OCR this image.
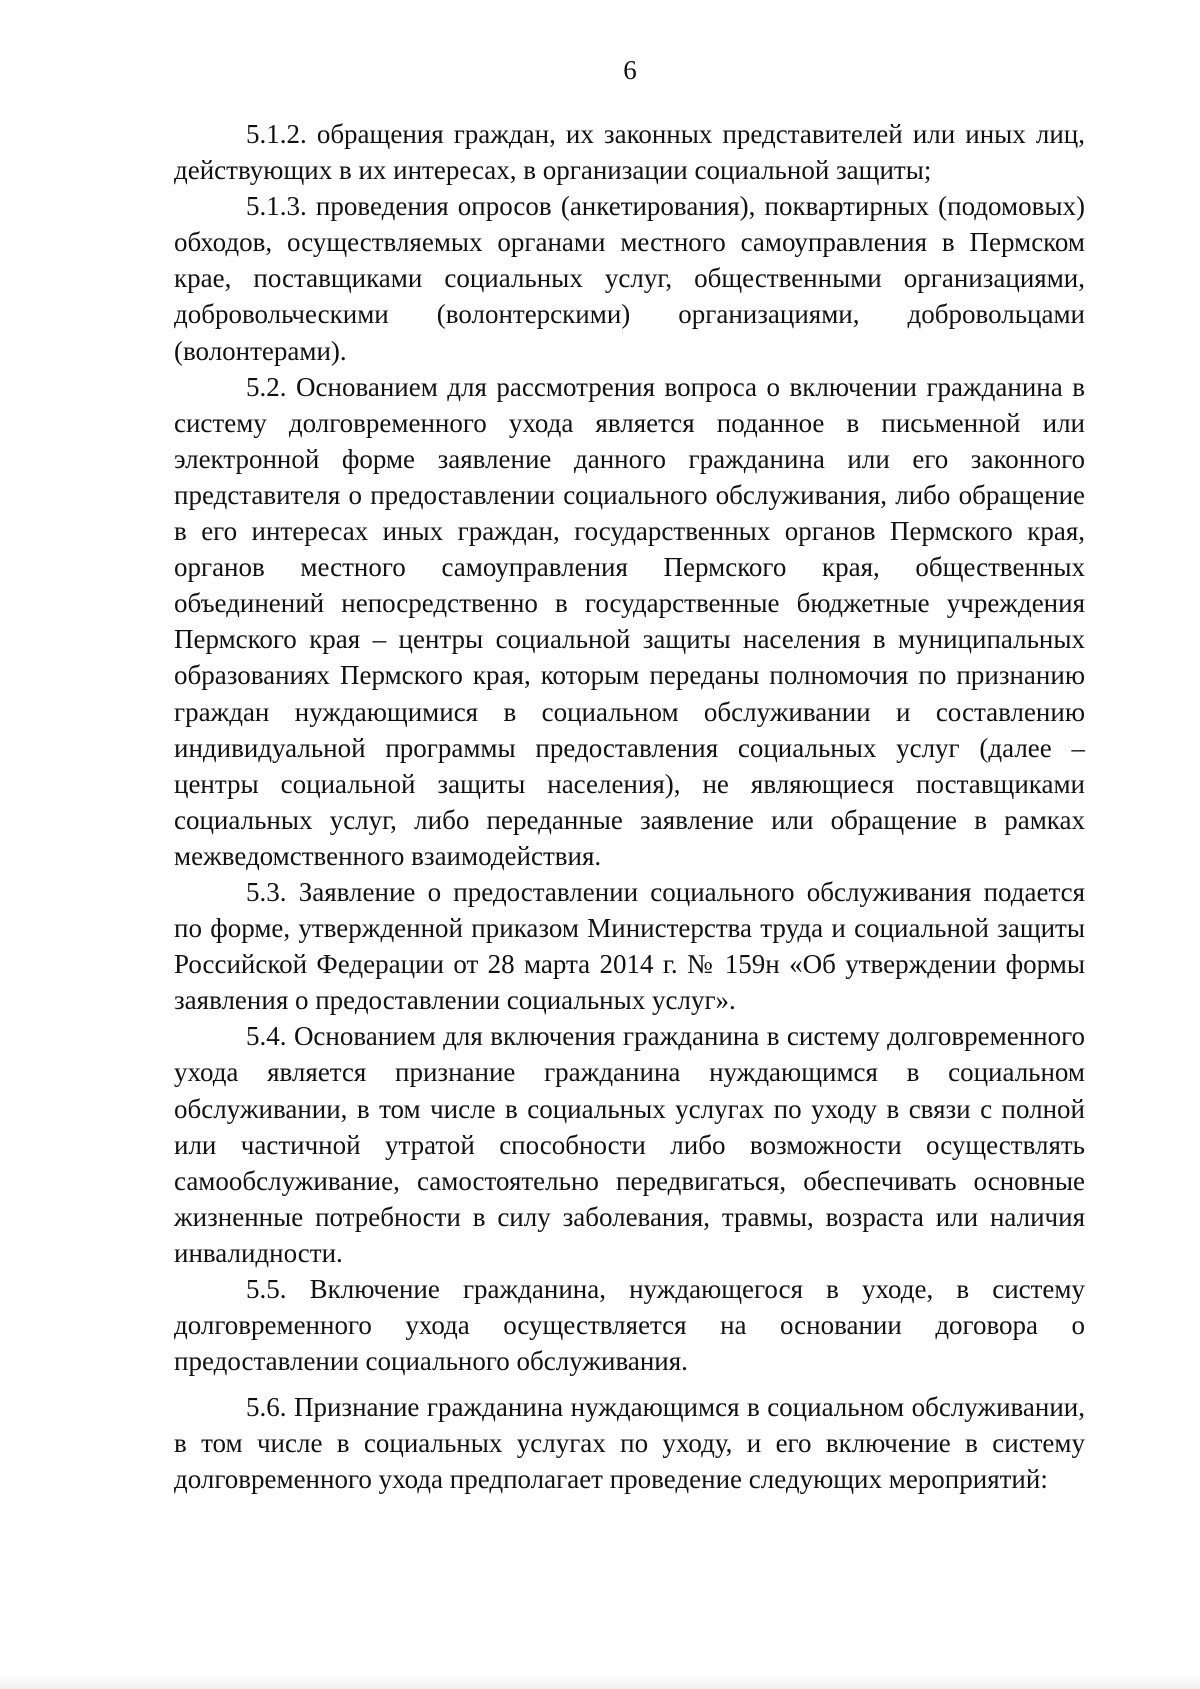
6

5.1.2. обращения граждан, их законных представителей или иных лиц, действующих в их интересах, в организации социальной защиты;

5.1.3. проведения опросов (анкетирования), поквартирных (подомовых) обходов, осуществляемых органами местного самоуправления в Пермском крае, поставщиками социальных услуг, общественными организациями, добровольческими (волонтерскими) организациями, добровольцами (волонтерами).

5.2. Основанием для рассмотрения вопроса о включении гражданина в систему долговременного ухода является поданное в письменной или электронной форме заявление данного гражданина или его законного представителя о предоставлении социального обслуживания, либо обращение в его интересах иных граждан, государственных органов Пермского края, органов местного самоуправления Пермского края, общественных объединений непосредственно в государственные бюджетные учреждения Пермского края – центры социальной защиты населения в муниципальных образованиях Пермского края, которым переданы полномочия по признанию граждан нуждающимися в социальном обслуживании и составлению индивидуальной программы предоставления социальных услуг (далее – центры социальной защиты населения), не являющиеся поставщиками социальных услуг, либо переданные заявление или обращение в рамках межведомственного взаимодействия.

5.3. Заявление о предоставлении социального обслуживания подается по форме, утвержденной приказом Министерства труда и социальной защиты Российской Федерации от 28 марта 2014 г. № 159н «Об утверждении формы заявления о предоставлении социальных услуг».

5.4. Основанием для включения гражданина в систему долговременного ухода является признание гражданина нуждающимся в социальном обслуживании, в том числе в социальных услугах по уходу в связи с полной или частичной утратой способности либо возможности осуществлять самообслуживание, самостоятельно передвигаться, обеспечивать основные жизненные потребности в силу заболевания, травмы, возраста или наличия инвалидности.

5.5. Включение гражданина, нуждающегося в уходе, в систему долговременного ухода осуществляется на основании договора о предоставлении социального обслуживания.

5.6. Признание гражданина нуждающимся в социальном обслуживании, в том числе в социальных услугах по уходу, и его включение в систему долговременного ухода предполагает проведение следующих мероприятий:
